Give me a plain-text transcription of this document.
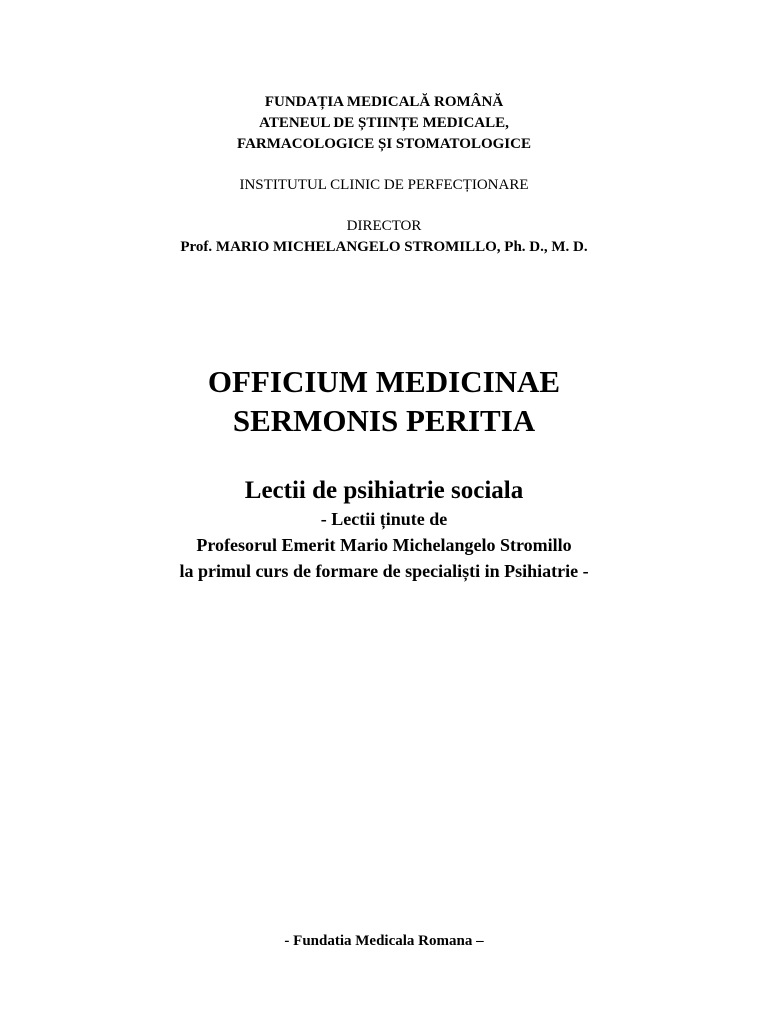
FUNDAȚIA MEDICALĂ ROMÂNĂ

ATENEUL DE ȘTIINȚE MEDICALE,

FARMACOLOGICE ȘI STOMATOLOGICE

INSTITUTUL CLINIC DE PERFECȚIONARE

DIRECTOR

Prof. MARIO MICHELANGELO STROMILLO, Ph. D., M. D.

OFFICIUM MEDICINAE

SERMONIS PERITIA

Lectii de psihiatrie sociala

- Lectii ținute de

Profesorul Emerit Mario Michelangelo Stromillo

la primul curs de formare de specialiști in Psihiatrie -

- Fundatia Medicala Romana –
